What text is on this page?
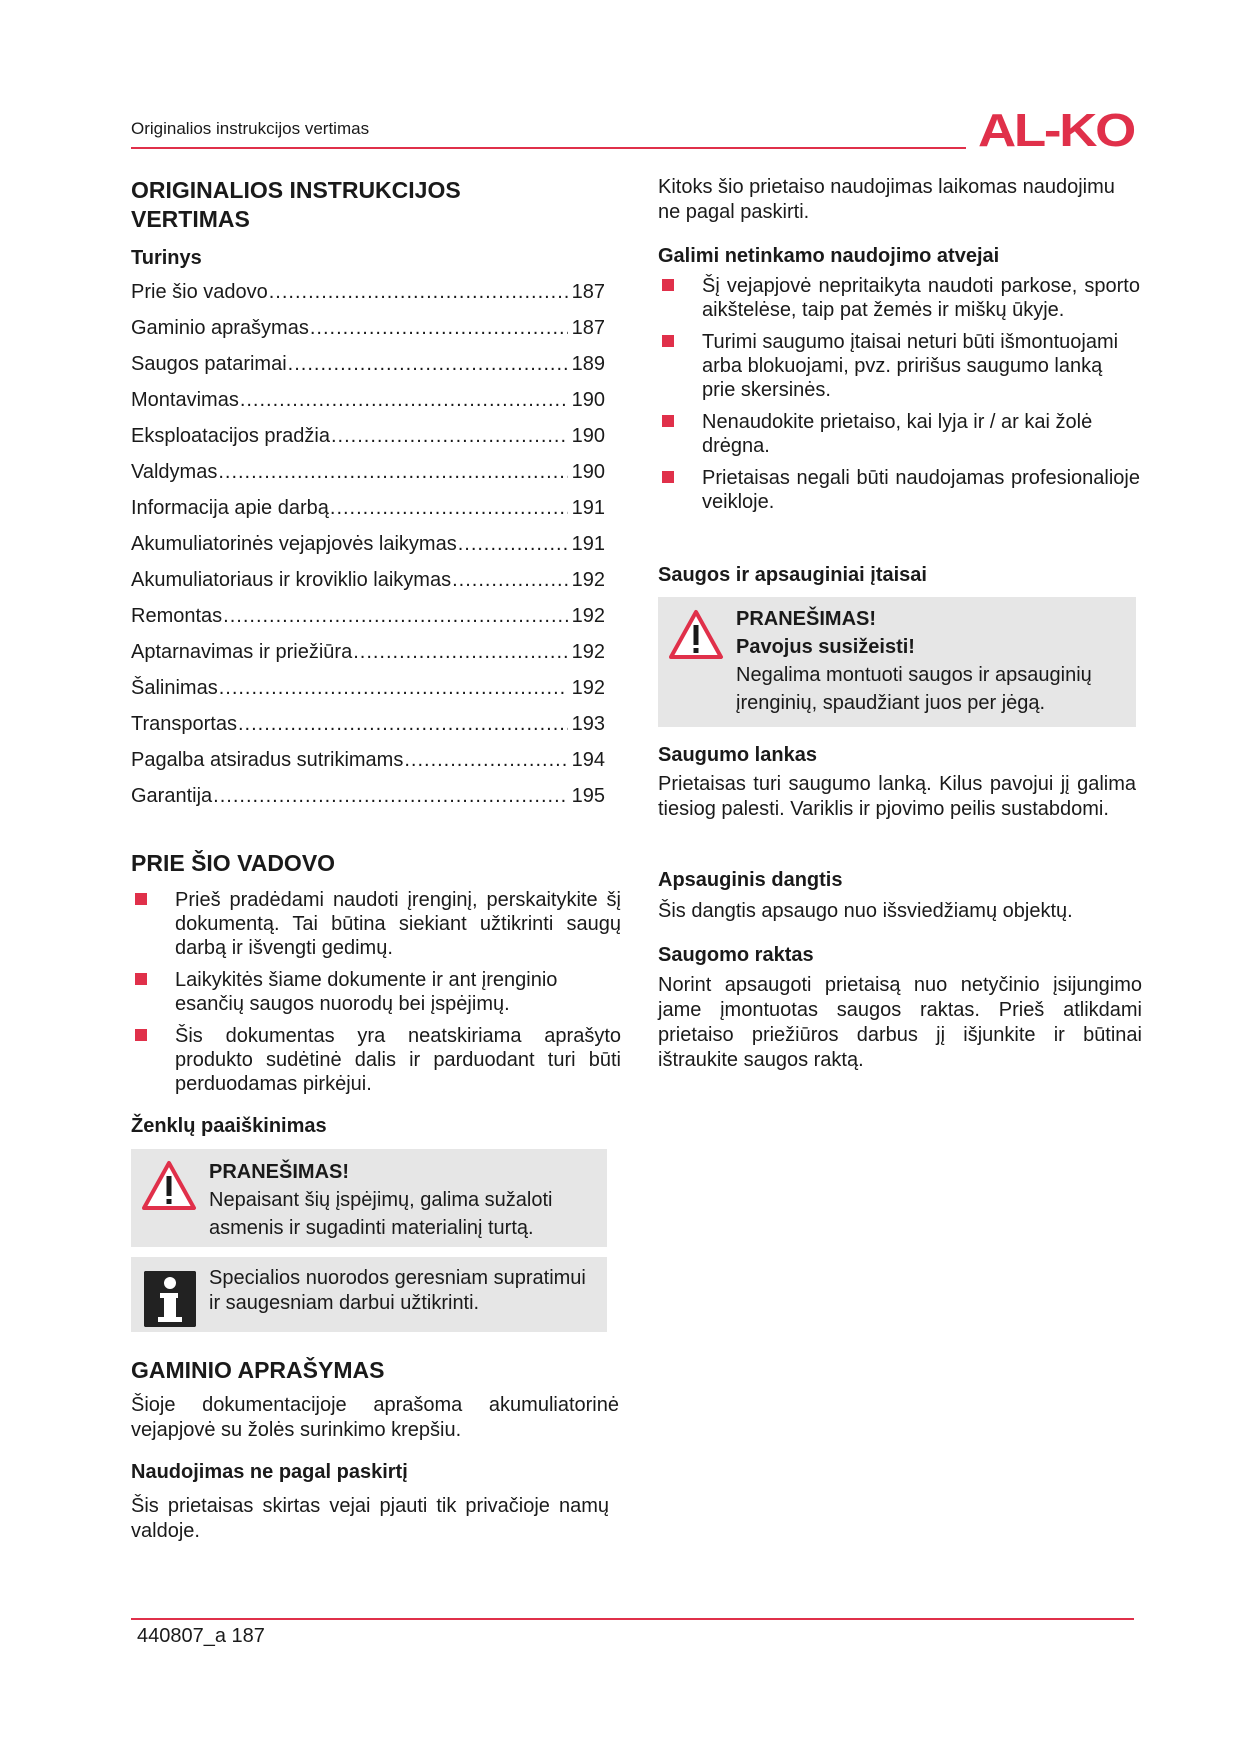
Originalios instrukcijos vertimas	AL-KO
ORIGINALIOS INSTRUKCIJOS
VERTIMAS
Turinys
Prie šio vadovo .....	187
Gaminio aprašymas .....	187
Saugos patarimai .....	189
Montavimas .....	190
Eksploatacijos pradžia .....	190
Valdymas .....	190
Informacija apie darbą .....	191
Akumuliatorinės vejapjovės laikymas .....	191
Akumuliatoriaus ir kroviklio laikymas .....	192
Remontas .....	192
Aptarnavimas ir priežiūra .....	192
Šalinimas .....	192
Transportas .....	193
Pagalba atsiradus sutrikimams .....	194
Garantija .....	195
PRIE ŠIO VADOVO
Prieš pradėdami naudoti įrenginį, perskaitykite šį dokumentą. Tai būtina siekiant užtikrinti saugų darbą ir išvengti gedimų.
Laikykitės šiame dokumente ir ant įrenginio esančių saugos nuorodų bei įspėjimų.
Šis dokumentas yra neatskiriama aprašyto produkto sudėtinė dalis ir parduodant turi būti perduodamas pirkėjui.
Ženklų paaiškinimas
PRANEŠIMAS!
Nepaisant šių įspėjimų, galima sužaloti asmenis ir sugadinti materialinį turtą.
Specialios nuorodos geresniam supratimui ir saugesniam darbui užtikrinti.
GAMINIO APRAŠYMAS

Šioje dokumentacijoje aprašoma akumuliatorinė vejapjovė su žolės surinkimo krepšiu.

Naudojimas ne pagal paskirtį

Šis prietaisas skirtas vejai pjauti tik privačioje namų valdoje.

Kitoks šio prietaiso naudojimas laikomas naudojimu ne pagal paskirti.

Galimi netinkamo naudojimo atvejai
Šį vejapjovė nepritaikyta naudoti parkose, sporto aikštelėse, taip pat žemės ir miškų ūkyje.
Turimi saugumo įtaisai neturi būti išmontuojami arba blokuojami, pvz. pririšus saugumo lanką prie skersinės.
Nenaudokite prietaiso, kai lyja ir / ar kai žolė drėgna.
Prietaisas negali būti naudojamas profesionalioje veikloje.
Saugos ir apsauginiai įtaisai
PRANEŠIMAS!
Pavojus susižeisti!
Negalima montuoti saugos ir apsauginių įrenginių, spaudžiant juos per jėgą.
Saugumo lankas

Prietaisas turi saugumo lanką. Kilus pavojui jį galima tiesiog palesti. Variklis ir pjovimo peilis sustabdomi.

Apsauginis dangtis

Šis dangtis apsaugo nuo išsviedžiamų objektų.

Saugomo raktas

Norint apsaugoti prietaisą nuo netyčinio įsijungimo jame įmontuotas saugos raktas. Prieš atlikdami prietaiso priežiūros darbus jį išjunkite ir būtinai ištraukite saugos raktą.

440807_a 187
